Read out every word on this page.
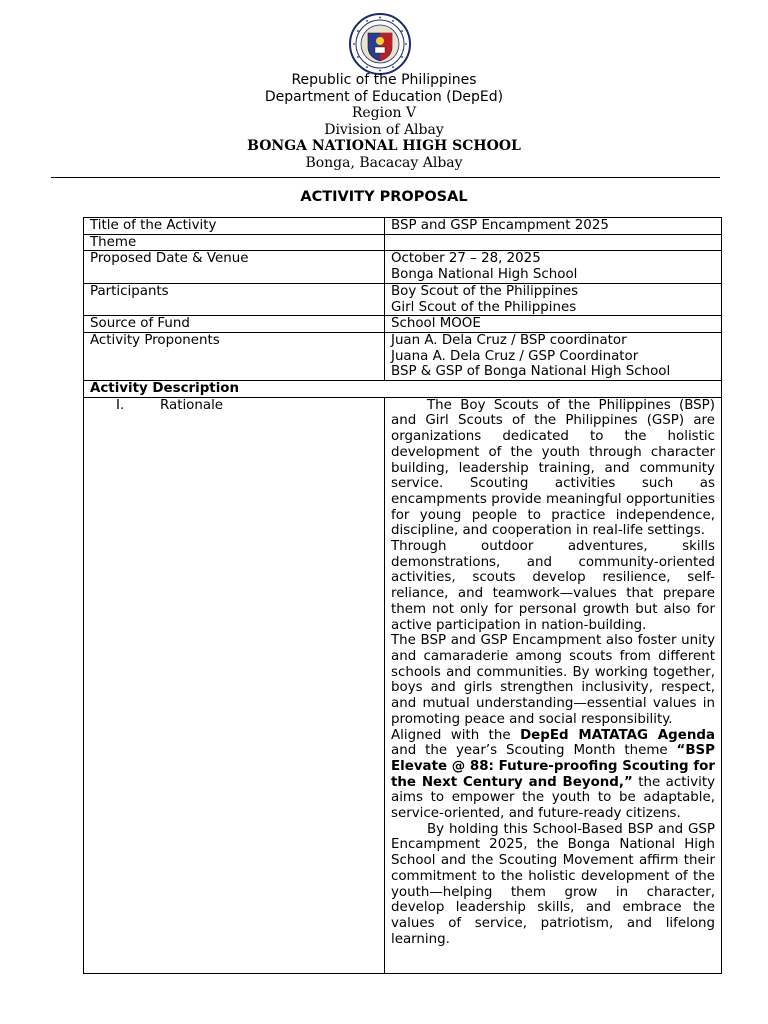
Republic of the Philippines
Department of Education (DepEd)
Region V
Division of Albay
BONGA NATIONAL HIGH SCHOOL
Bonga, Bacacay Albay
ACTIVITY PROPOSAL
Title of the Activity	BSP and GSP Encampment 2025
Theme	
Proposed Date & Venue	October 27 – 28, 2025
Bonga National High School

Participants	Boy Scout of the Philippines
Girl Scout of the Philippines

Source of Fund	School MOOE
Activity Proponents	Juan A. Dela Cruz / BSP coordinator
Juana A. Dela Cruz / GSP Coordinator
BSP & GSP of Bonga National High School

Activity Description	
I. Rationale	The Boy Scouts of the Philippines (BSP) and Girl Scouts of the Philippines (GSP) are organizations dedicated to the holistic development of the youth through character building, leadership training, and community service. Scouting activities such as encampments provide meaningful opportunities for young people to practice independence, discipline, and cooperation in real-life settings.

Through outdoor adventures, skills demonstrations, and community-oriented activities, scouts develop resilience, self-reliance, and teamwork—values that prepare them not only for personal growth but also for active participation in nation-building.

The BSP and GSP Encampment also foster unity and camaraderie among scouts from different schools and communities. By working together, boys and girls strengthen inclusivity, respect, and mutual understanding—essential values in promoting peace and social responsibility.

Aligned with the DepEd MATATAG Agenda and the year’s Scouting Month theme “BSP Elevate @ 88: Future-proofing Scouting for the Next Century and Beyond,” the activity aims to empower the youth to be adaptable, service-oriented, and future-ready citizens.

By holding this School-Based BSP and GSP Encampment 2025, the Bonga National High School and the Scouting Movement affirm their commitment to the holistic development of the youth—helping them grow in character, develop leadership skills, and embrace the values of service, patriotism, and lifelong learning.
